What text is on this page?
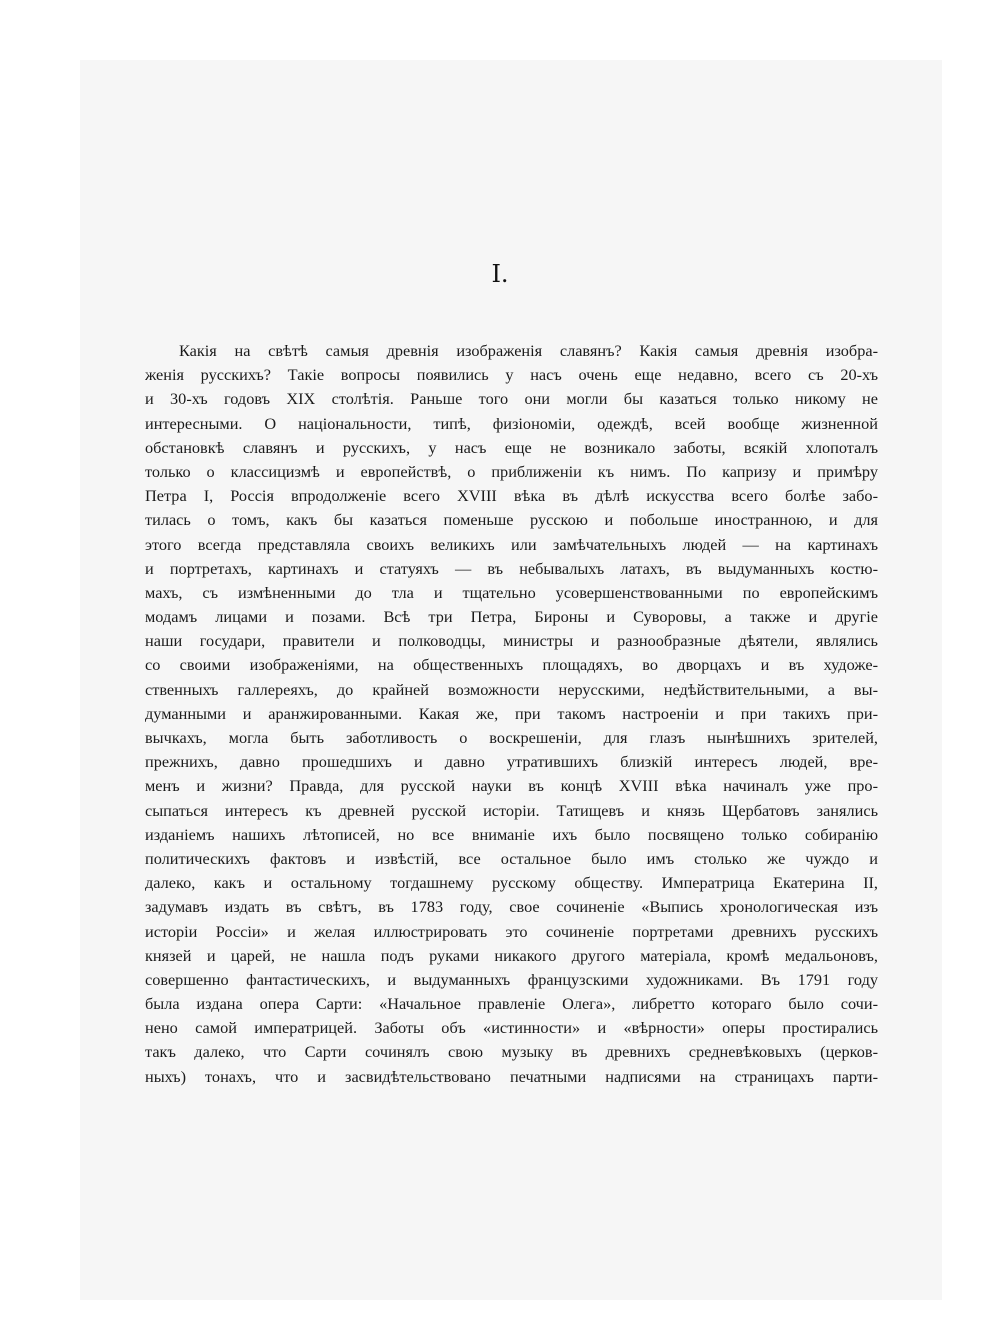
I.
Какія на свѣтѣ самыя древнія изображенія славянъ? Какія самыя древнія изобра-
женія русскихъ? Такіе вопросы появились у насъ очень еще недавно, всего съ 20-хъ
и 30-хъ годовъ XIX столѣтія. Раньше того они могли бы казаться только никому не
интересными. О національности, типѣ, физіономіи, одеждѣ, всей вообще жизненной
обстановкѣ славянъ и русскихъ, у насъ еще не возникало заботы, всякій хлопоталъ
только о классицизмѣ и европействѣ, о приближеніи къ нимъ. По капризу и примѣру
Петра I, Россія впродолженіе всего XVIII вѣка въ дѣлѣ искусства всего болѣе забо-
тилась о томъ, какъ бы казаться поменьше русскою и побольше иностранною, и для
этого всегда представляла своихъ великихъ или замѣчательныхъ людей — на картинахъ
и портретахъ, картинахъ и статуяхъ — въ небывалыхъ латахъ, въ выдуманныхъ костю-
махъ, съ измѣненными до тла и тщательно усовершенствованными по европейскимъ
модамъ лицами и позами. Всѣ три Петра, Бироны и Суворовы, а также и другіе
наши государи, правители и полководцы, министры и разнообразные дѣятели, являлись
со своими изображеніями, на общественныхъ площадяхъ, во дворцахъ и въ художе-
ственныхъ галлереяхъ, до крайней возможности нерусскими, недѣйствительными, а вы-
думанными и аранжированными. Какая же, при такомъ настроеніи и при такихъ при-
вычкахъ, могла быть заботливость о воскрешеніи, для глазъ нынѣшнихъ зрителей,
прежнихъ, давно прошедшихъ и давно утратившихъ близкій интересъ людей, вре-
менъ и жизни? Правда, для русской науки въ концѣ XVIII вѣка начиналъ уже про-
сыпаться интересъ къ древней русской исторіи. Татищевъ и князь Щербатовъ занялись
изданіемъ нашихъ лѣтописей, но все вниманіе ихъ было посвящено только собиранію
политическихъ фактовъ и извѣстій, все остальное было имъ столько же чуждо и
далеко, какъ и остальному тогдашнему русскому обществу. Императрица Екатерина II,
задумавъ издать въ свѣтъ, въ 1783 году, свое сочиненіе «Выпись хронологическая изъ
исторіи Россіи» и желая иллюстрировать это сочиненіе портретами древнихъ русскихъ
князей и царей, не нашла подъ руками никакого другого матеріала, кромѣ медальоновъ,
совершенно фантастическихъ, и выдуманныхъ французскими художниками. Въ 1791 году
была издана опера Сарти: «Начальное правленіе Олега», либретто котораго было сочи-
нено самой императрицей. Заботы объ «истинности» и «вѣрности» оперы простирались
такъ далеко, что Сарти сочинялъ свою музыку въ древнихъ средневѣковыхъ (церков-
ныхъ) тонахъ, что и засвидѣтельствовано печатными надписями на страницахъ парти-
